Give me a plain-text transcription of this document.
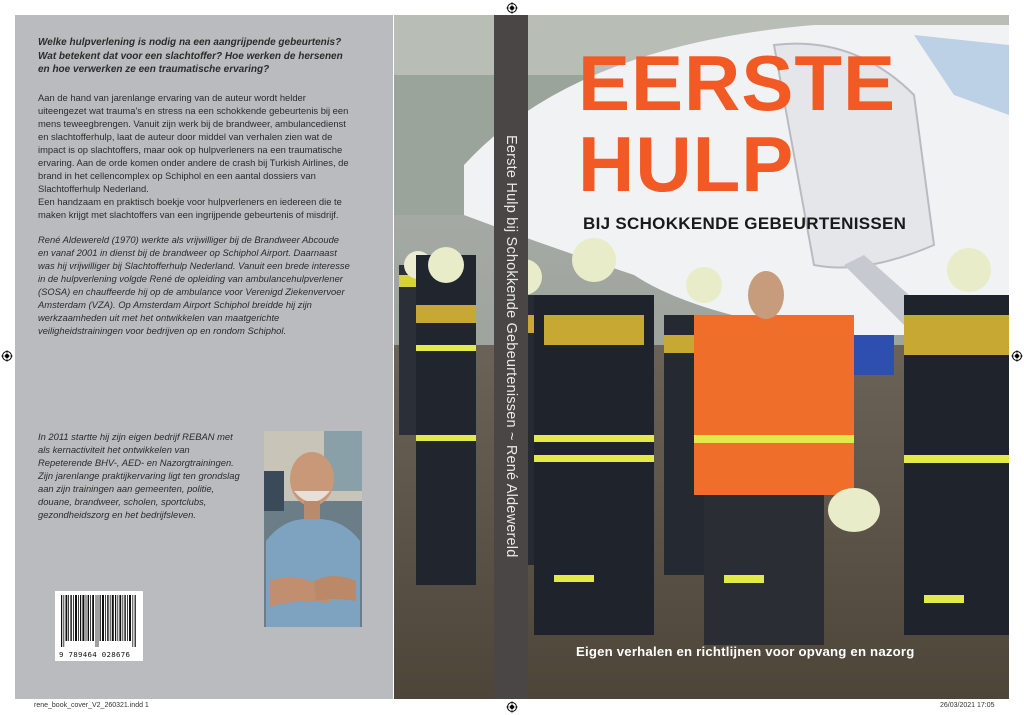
Welke hulpverlening is nodig na een aangrijpende gebeurtenis? Wat betekent dat voor een slachtoffer? Hoe werken de hersenen en hoe verwerken ze een traumatische ervaring?

Aan de hand van jarenlange ervaring van de auteur wordt helder uiteengezet wat trauma's en stress na een schokkende gebeurtenis bij een mens teweegbrengen. Vanuit zijn werk bij de brandweer, ambulancedienst en slachtofferhulp, laat de auteur door middel van verhalen zien wat de impact is op slachtoffers, maar ook op hulpverleners na een traumatische ervaring. Aan de orde komen onder andere de crash bij Turkish Airlines, de brand in het cellencomplex op Schiphol en een aantal dossiers van Slachtofferhulp Nederland.

Een handzaam en praktisch boekje voor hulpverleners en iedereen die te maken krijgt met slachtoffers van een ingrijpende gebeurtenis of misdrijf.

René Aldewereld (1970) werkte als vrijwilliger bij de Brandweer Abcoude en vanaf 2001 in dienst bij de brandweer op Schiphol Airport. Daarnaast was hij vrijwilliger bij Slachtofferhulp Nederland. Vanuit een brede interesse in de hulpverlening volgde René de opleiding van ambulancehulpverlener (SOSA) en chauffeerde hij op de ambulance voor Verenigd Ziekenvervoer Amsterdam (VZA). Op Amsterdam Airport Schiphol breidde hij zijn werkzaamheden uit met het ontwikkelen van maatgerichte veiligheidstrainingen voor bedrijven op en rondom Schiphol.

In 2011 startte hij zijn eigen bedrijf REBAN met als kernactiviteit het ontwikkelen van Repeterende BHV-, AED- en Nazorgtrainingen. Zijn jarenlange praktijkervaring ligt ten grondslag aan zijn trainingen aan gemeenten, politie, douane, brandweer, scholen, sportclubs, gezondheidszorg en het bedrijfsleven.
9 789464 028676
Eerste Hulp bij Schokkende Gebeurtenissen ~ René Aldewereld
EERSTE
HULP
BIJ SCHOKKENDE GEBEURTENISSEN
Eigen verhalen en richtlijnen voor opvang en nazorg
rene_book_cover_V2_260321.indd 1	26/03/2021 17:05
